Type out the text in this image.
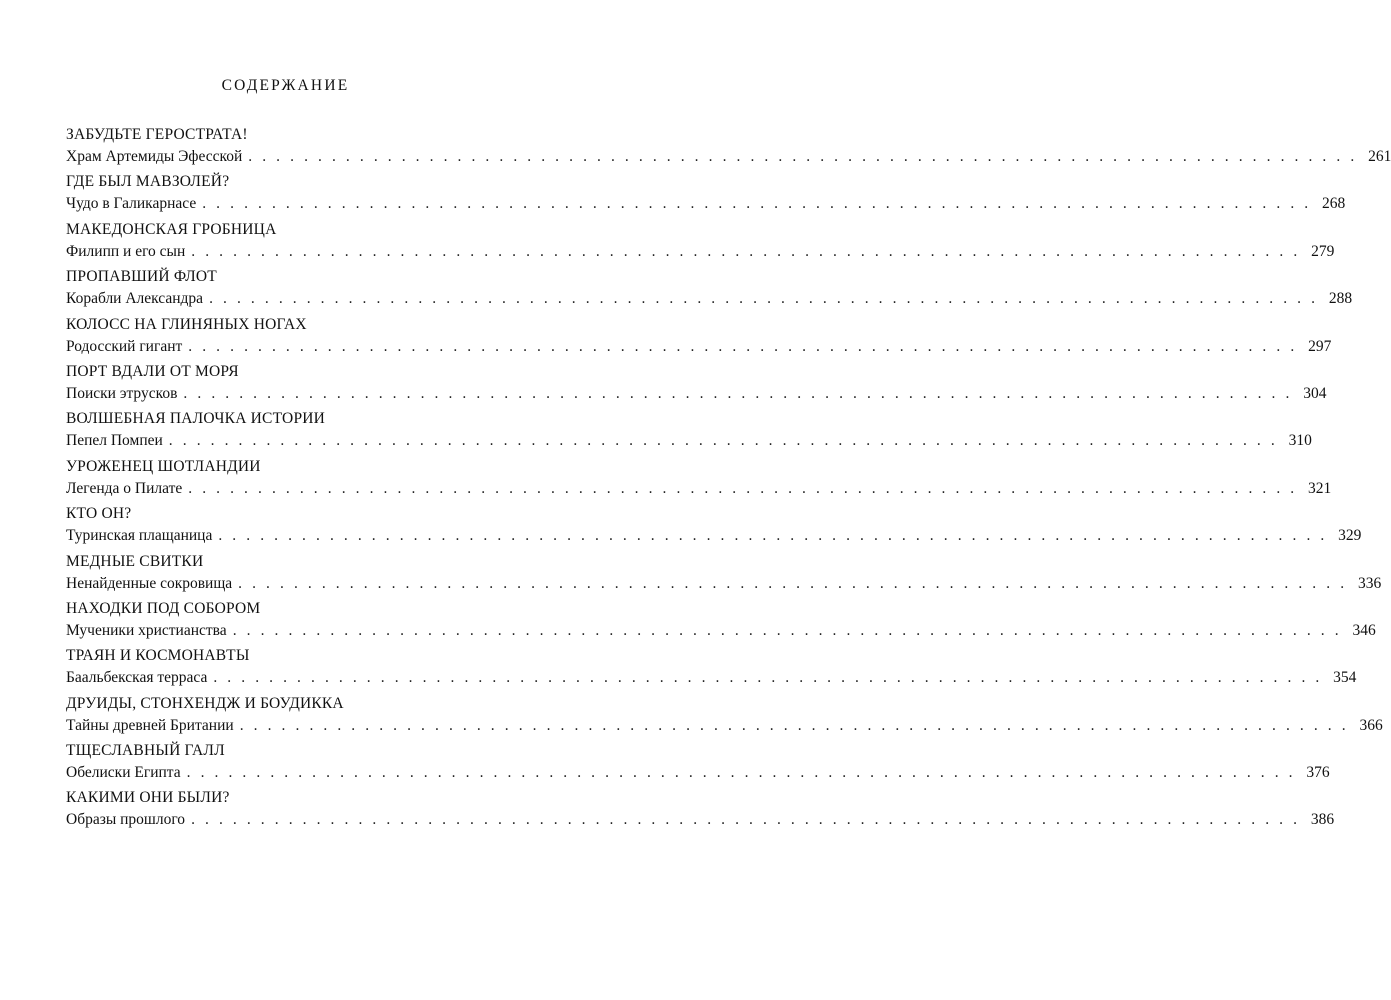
СОДЕРЖАНИЕ
ЗАБУДЬТЕ ГЕРОСТРАТА!
Храм Артемиды Эфесской . . . . . . . . . . . . . . . . . . . . . . . . . . . . . . . . . . . . . . . . . . . . . . . . . . . . . . . . . . . . . . . . . . . . . . . . . . . . . . . . 261
ГДЕ БЫЛ МАВЗОЛЕЙ?
Чудо в Галикарнасе . . . . . . . . . . . . . . . . . . . . . . . . . . . . . . . . . . . . . . . . . . . . . . . . . . . . . . . . . . . . . . . . . . . . . . . . . . . . . . . . 268
МАКЕДОНСКАЯ ГРОБНИЦА
Филипп и его сын . . . . . . . . . . . . . . . . . . . . . . . . . . . . . . . . . . . . . . . . . . . . . . . . . . . . . . . . . . . . . . . . . . . . . . . . . . . . . . . . 279
ПРОПАВШИЙ ФЛОТ
Корабли Александра . . . . . . . . . . . . . . . . . . . . . . . . . . . . . . . . . . . . . . . . . . . . . . . . . . . . . . . . . . . . . . . . . . . . . . . . . . . . . . . . 288
КОЛОСС НА ГЛИНЯНЫХ НОГАХ
Родосский гигант . . . . . . . . . . . . . . . . . . . . . . . . . . . . . . . . . . . . . . . . . . . . . . . . . . . . . . . . . . . . . . . . . . . . . . . . . . . . . . . . 297
ПОРТ ВДАЛИ ОТ МОРЯ
Поиски этрусков . . . . . . . . . . . . . . . . . . . . . . . . . . . . . . . . . . . . . . . . . . . . . . . . . . . . . . . . . . . . . . . . . . . . . . . . . . . . . . . . 304
ВОЛШЕБНАЯ ПАЛОЧКА ИСТОРИИ
Пепел Помпеи . . . . . . . . . . . . . . . . . . . . . . . . . . . . . . . . . . . . . . . . . . . . . . . . . . . . . . . . . . . . . . . . . . . . . . . . . . . . . . . . 310
УРОЖЕНЕЦ ШОТЛАНДИИ
Легенда о Пилате . . . . . . . . . . . . . . . . . . . . . . . . . . . . . . . . . . . . . . . . . . . . . . . . . . . . . . . . . . . . . . . . . . . . . . . . . . . . . . . . 321
КТО ОН?
Туринская плащаница . . . . . . . . . . . . . . . . . . . . . . . . . . . . . . . . . . . . . . . . . . . . . . . . . . . . . . . . . . . . . . . . . . . . . . . . . . . . . . . . 329
МЕДНЫЕ СВИТКИ
Ненайденные сокровища . . . . . . . . . . . . . . . . . . . . . . . . . . . . . . . . . . . . . . . . . . . . . . . . . . . . . . . . . . . . . . . . . . . . . . . . . . . . . . . . 336
НАХОДКИ ПОД СОБОРОМ
Мученики христианства . . . . . . . . . . . . . . . . . . . . . . . . . . . . . . . . . . . . . . . . . . . . . . . . . . . . . . . . . . . . . . . . . . . . . . . . . . . . . . . . 346
ТРАЯН И КОСМОНАВТЫ
Баальбекская терраса . . . . . . . . . . . . . . . . . . . . . . . . . . . . . . . . . . . . . . . . . . . . . . . . . . . . . . . . . . . . . . . . . . . . . . . . . . . . . . . . 354
ДРУИДЫ, СТОНХЕНДЖ И БОУДИККА
Тайны древней Британии . . . . . . . . . . . . . . . . . . . . . . . . . . . . . . . . . . . . . . . . . . . . . . . . . . . . . . . . . . . . . . . . . . . . . . . . . . . . . . . . 366
ТЩЕСЛАВНЫЙ ГАЛЛ
Обелиски Египта . . . . . . . . . . . . . . . . . . . . . . . . . . . . . . . . . . . . . . . . . . . . . . . . . . . . . . . . . . . . . . . . . . . . . . . . . . . . . . . . 376
КАКИМИ ОНИ БЫЛИ?
Образы прошлого . . . . . . . . . . . . . . . . . . . . . . . . . . . . . . . . . . . . . . . . . . . . . . . . . . . . . . . . . . . . . . . . . . . . . . . . . . . . . . . . 386
